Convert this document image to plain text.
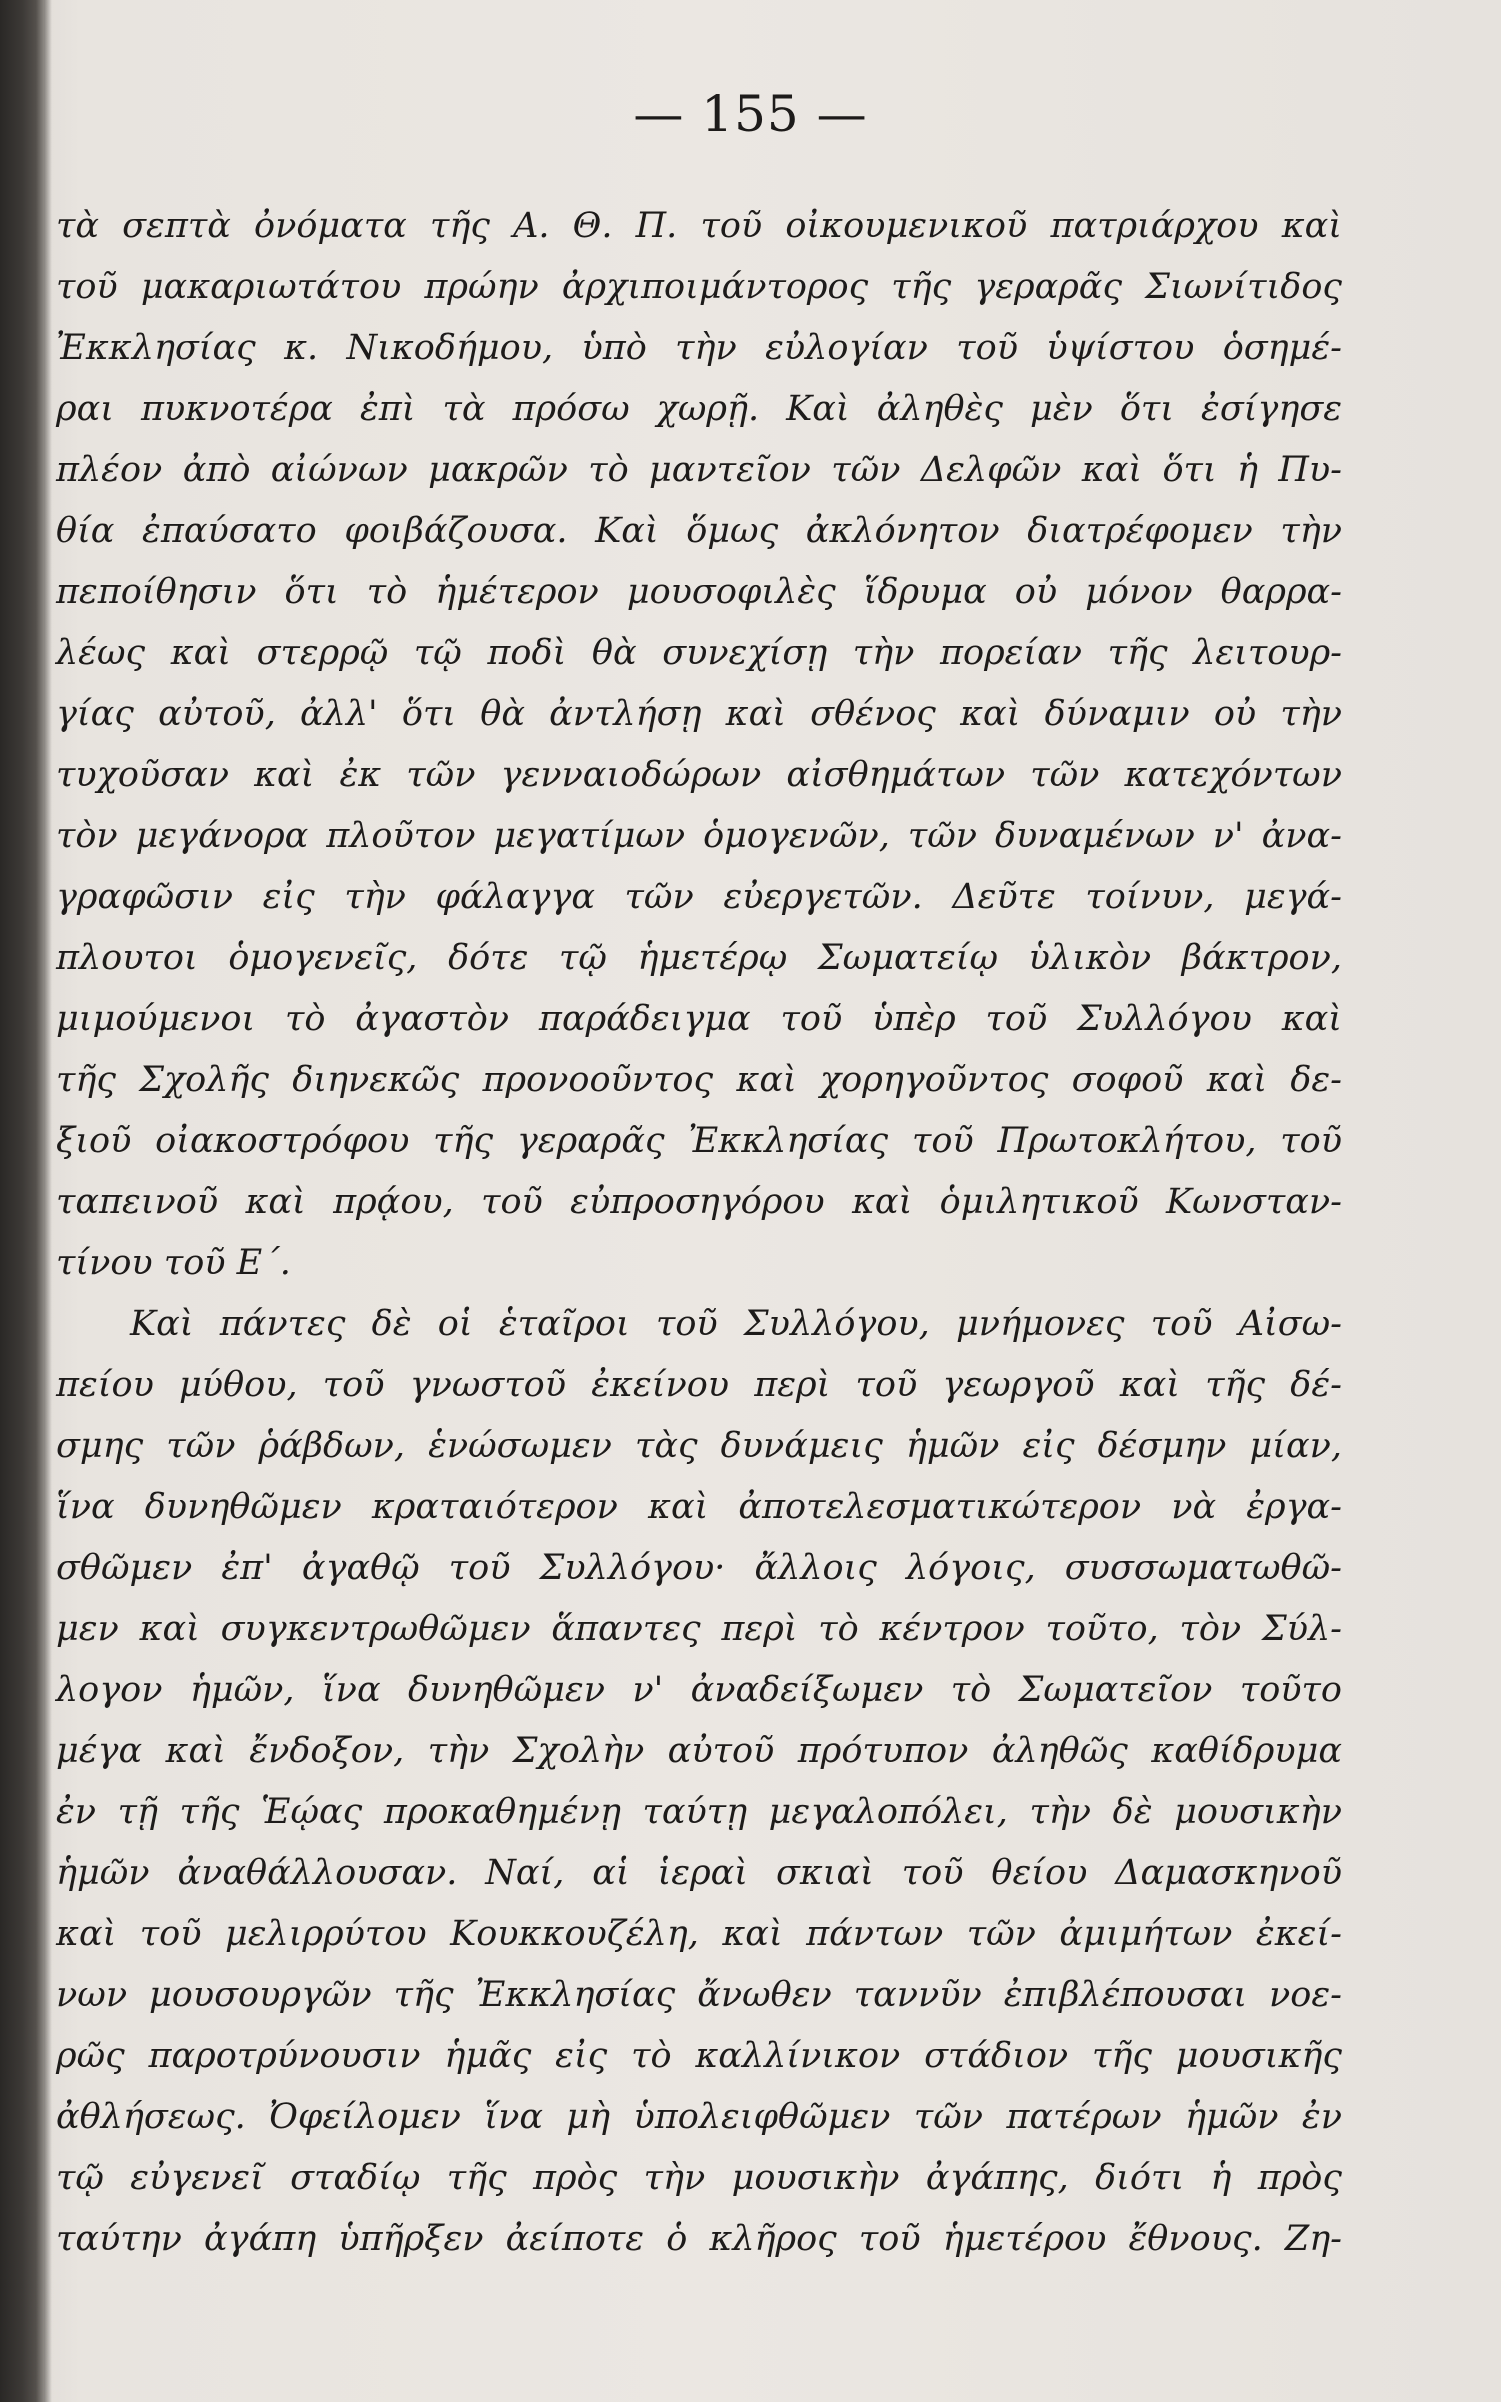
— 155 —
τὰ σεπτὰ ὀνόματα τῆς Α. Θ. Π. τοῦ οἰκουμενικοῦ πατριάρχου καὶ
τοῦ μακαριωτάτου πρώην ἀρχιποιμάντορος τῆς γεραρᾶς Σιωνίτιδος
Ἐκκλησίας κ. Νικοδήμου, ὑπὸ τὴν εὐλογίαν τοῦ ὑψίστου ὁσημέ-
ραι πυκνοτέρα ἐπὶ τὰ πρόσω χωρῇ. Καὶ ἀληθὲς μὲν ὅτι ἐσίγησε
πλέον ἀπὸ αἰώνων μακρῶν τὸ μαντεῖον τῶν Δελφῶν καὶ ὅτι ἡ Πυ-
θία ἐπαύσατο φοιβάζουσα. Καὶ ὅμως ἀκλόνητον διατρέφομεν τὴν
πεποίθησιν ὅτι τὸ ἡμέτερον μουσοφιλὲς ἵδρυμα οὐ μόνον θαρρα-
λέως καὶ στερρῷ τῷ ποδὶ θὰ συνεχίσῃ τὴν πορείαν τῆς λειτουρ-
γίας αὐτοῦ, ἀλλ' ὅτι θὰ ἀντλήσῃ καὶ σθένος καὶ δύναμιν οὐ τὴν
τυχοῦσαν καὶ ἐκ τῶν γενναιοδώρων αἰσθημάτων τῶν κατεχόντων
τὸν μεγάνορα πλοῦτον μεγατίμων ὁμογενῶν, τῶν δυναμένων ν' ἀνα-
γραφῶσιν εἰς τὴν φάλαγγα τῶν εὐεργετῶν. Δεῦτε τοίνυν, μεγά-
πλουτοι ὁμογενεῖς, δότε τῷ ἡμετέρῳ Σωματείῳ ὑλικὸν βάκτρον,
μιμούμενοι τὸ ἀγαστὸν παράδειγμα τοῦ ὑπὲρ τοῦ Συλλόγου καὶ
τῆς Σχολῆς διηνεκῶς προνοοῦντος καὶ χορηγοῦντος σοφοῦ καὶ δε-
ξιοῦ οἰακοστρόφου τῆς γεραρᾶς Ἐκκλησίας τοῦ Πρωτοκλήτου, τοῦ
ταπεινοῦ καὶ πρᾴου, τοῦ εὐπροσηγόρου καὶ ὁμιλητικοῦ Κωνσταν-
τίνου τοῦ Ε΄.
Καὶ πάντες δὲ οἱ ἑταῖροι τοῦ Συλλόγου, μνήμονες τοῦ Αἰσω-
πείου μύθου, τοῦ γνωστοῦ ἐκείνου περὶ τοῦ γεωργοῦ καὶ τῆς δέ-
σμης τῶν ῥάβδων, ἑνώσωμεν τὰς δυνάμεις ἡμῶν εἰς δέσμην μίαν,
ἵνα δυνηθῶμεν κραταιότερον καὶ ἀποτελεσματικώτερον νὰ ἐργα-
σθῶμεν ἐπ' ἀγαθῷ τοῦ Συλλόγου· ἄλλοις λόγοις, συσσωματωθῶ-
μεν καὶ συγκεντρωθῶμεν ἅπαντες περὶ τὸ κέντρον τοῦτο, τὸν Σύλ-
λογον ἡμῶν, ἵνα δυνηθῶμεν ν' ἀναδείξωμεν τὸ Σωματεῖον τοῦτο
μέγα καὶ ἔνδοξον, τὴν Σχολὴν αὐτοῦ πρότυπον ἀληθῶς καθίδρυμα
ἐν τῇ τῆς Ἑῴας προκαθημένῃ ταύτῃ μεγαλοπόλει, τὴν δὲ μουσικὴν
ἡμῶν ἀναθάλλουσαν. Ναί, αἱ ἱεραὶ σκιαὶ τοῦ θείου Δαμασκηνοῦ
καὶ τοῦ μελιρρύτου Κουκκουζέλη, καὶ πάντων τῶν ἀμιμήτων ἐκεί-
νων μουσουργῶν τῆς Ἐκκλησίας ἄνωθεν ταννῦν ἐπιβλέπουσαι νοε-
ρῶς παροτρύνουσιν ἡμᾶς εἰς τὸ καλλίνικον στάδιον τῆς μουσικῆς
ἀθλήσεως. Ὀφείλομεν ἵνα μὴ ὑπολειφθῶμεν τῶν πατέρων ἡμῶν ἐν
τῷ εὐγενεῖ σταδίῳ τῆς πρὸς τὴν μουσικὴν ἀγάπης, διότι ἡ πρὸς
ταύτην ἀγάπη ὑπῆρξεν ἀείποτε ὁ κλῆρος τοῦ ἡμετέρου ἔθνους. Ζη-
